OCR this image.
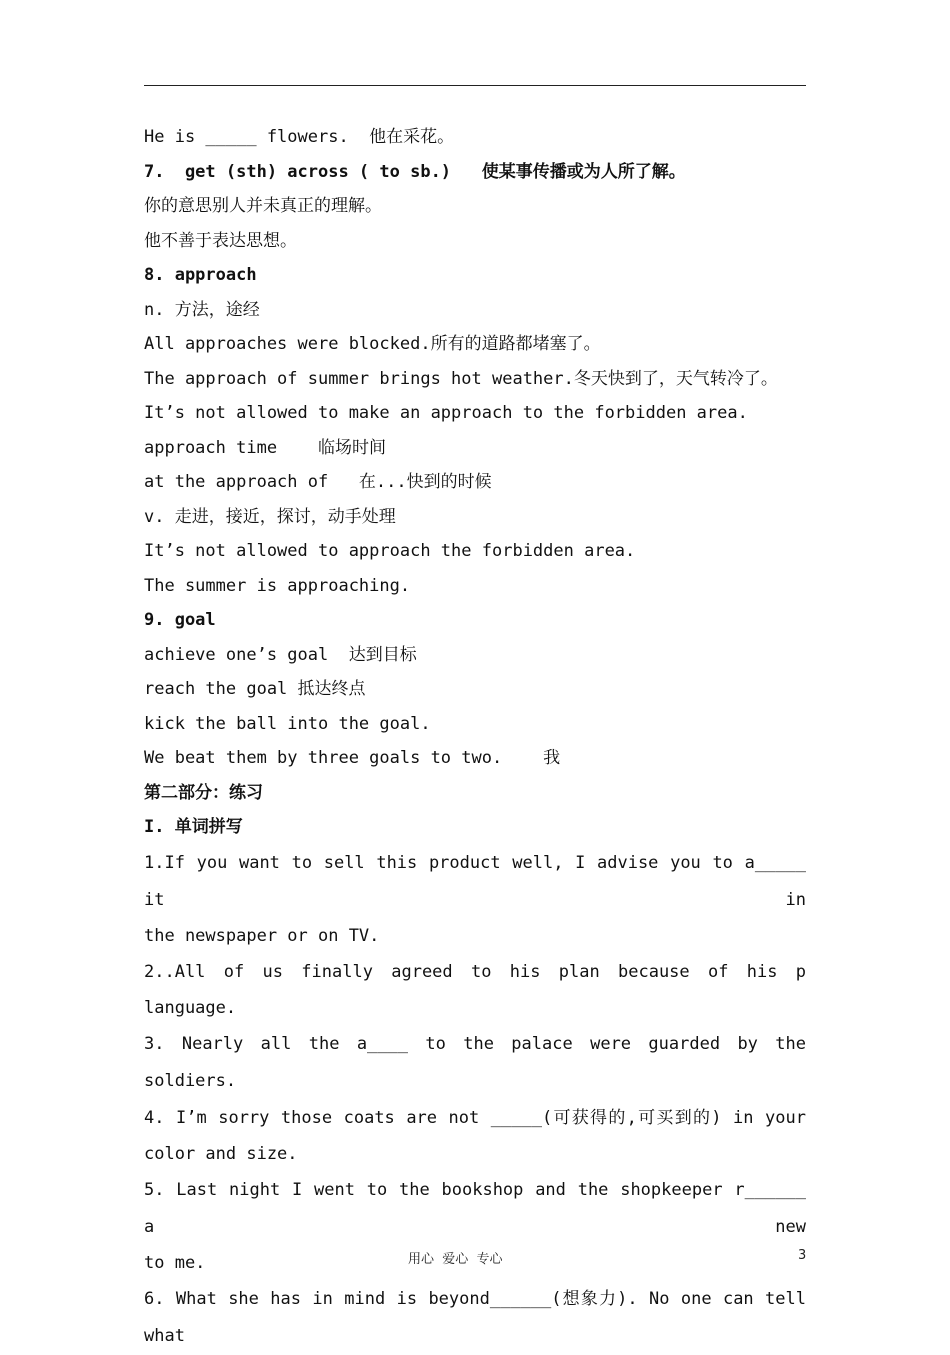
He is _____ flowers.  他在采花。
7.  get (sth) across ( to sb.)   使某事传播或为人所了解。
你的意思别人并未真正的理解。
他不善于表达思想。
8. approach
n. 方法，途经
All approaches were blocked.所有的道路都堵塞了。
The approach of summer brings hot weather.冬天快到了，天气转冷了。
It’s not allowed to make an approach to the forbidden area.
approach time    临场时间
at the approach of   在...快到的时候
v. 走进，接近，探讨，动手处理
It’s not allowed to approach the forbidden area.
The summer is approaching.
9. goal
achieve one’s goal  达到目标
reach the goal 抵达终点
kick the ball into the goal.
We beat them by three goals to two.    我
第二部分：练习
I. 单词拼写
1.If you want to sell this product well, I advise you to a_____ it in
the newspaper or on TV.
2..All of us finally agreed to his plan because of his p
language.
3. Nearly all the a____ to the palace were guarded by the soldiers.
4. I’m sorry those coats are not _____(可获得的,可买到的) in your
color and size.
5. Last night I went to the bookshop and the shopkeeper r______ a new
to me.
6. What she has in mind is beyond______(想象力). No one can tell what
用心  爱心  专心	3
